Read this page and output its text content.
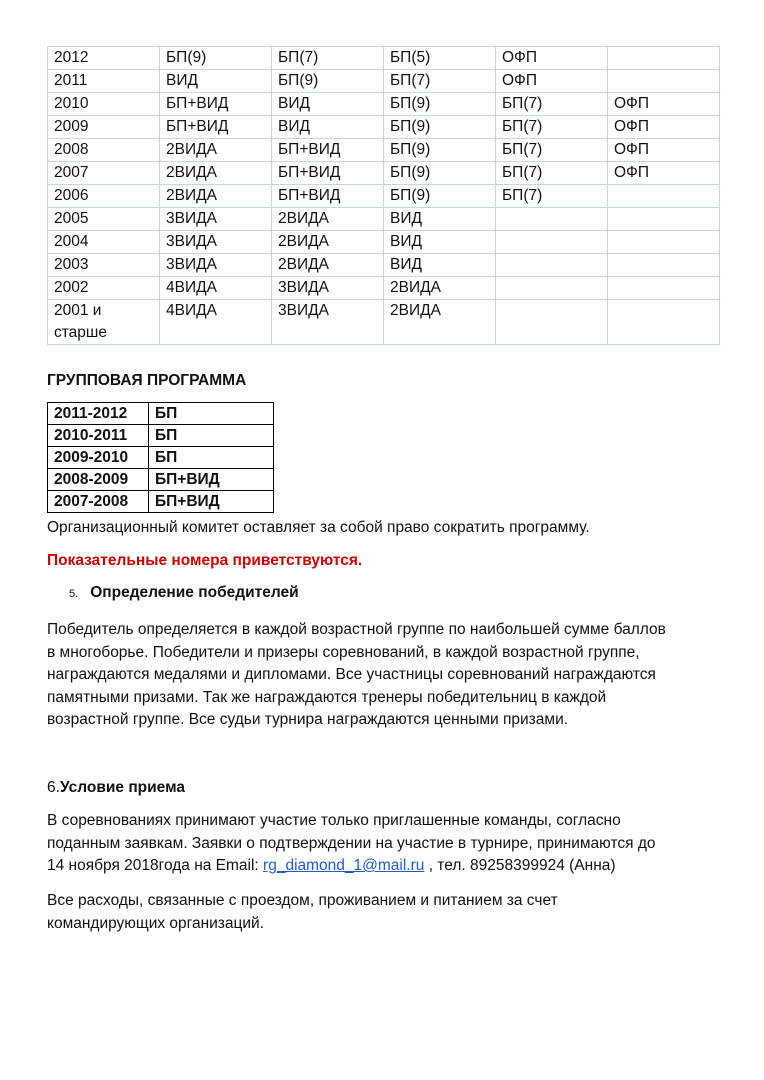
2012	БП(9)	БП(7)	БП(5)	ОФП	
2011	ВИД	БП(9)	БП(7)	ОФП	
2010	БП+ВИД	ВИД	БП(9)	БП(7)	ОФП
2009	БП+ВИД	ВИД	БП(9)	БП(7)	ОФП
2008	2ВИДА	БП+ВИД	БП(9)	БП(7)	ОФП
2007	2ВИДА	БП+ВИД	БП(9)	БП(7)	ОФП
2006	2ВИДА	БП+ВИД	БП(9)	БП(7)	
2005	3ВИДА	2ВИДА	ВИД		
2004	3ВИДА	2ВИДА	ВИД		
2003	3ВИДА	2ВИДА	ВИД		
2002	4ВИДА	3ВИДА	2ВИДА		
2001 и
старше	4ВИДА	3ВИДА	2ВИДА		
ГРУППОВАЯ ПРОГРАММА
2011-2012	БП
2010-2011	БП
2009-2010	БП
2008-2009	БП+ВИД
2007-2008	БП+ВИД
Организационный комитет оставляет за собой право сократить программу.
Показательные номера приветствуются.
5. Определение победителей
Победитель определяется в каждой возрастной группе по наибольшей сумме баллов
в многоборье. Победители и призеры соревнований, в каждой возрастной группе,
награждаются медалями и дипломами. Все участницы соревнований награждаются
памятными призами. Так же награждаются тренеры победительниц в каждой
возрастной группе. Все судьи турнира награждаются ценными призами.
6.Условие приема
В соревнованиях принимают участие только приглашенные команды, согласно
поданным заявкам. Заявки о подтверждении на участие в турнире, принимаются до
14 ноября 2018года на Email: rg_diamond_1@mail.ru , тел. 89258399924 (Анна)
Все расходы, связанные с проездом, проживанием и питанием за счет
командирующих организаций.
